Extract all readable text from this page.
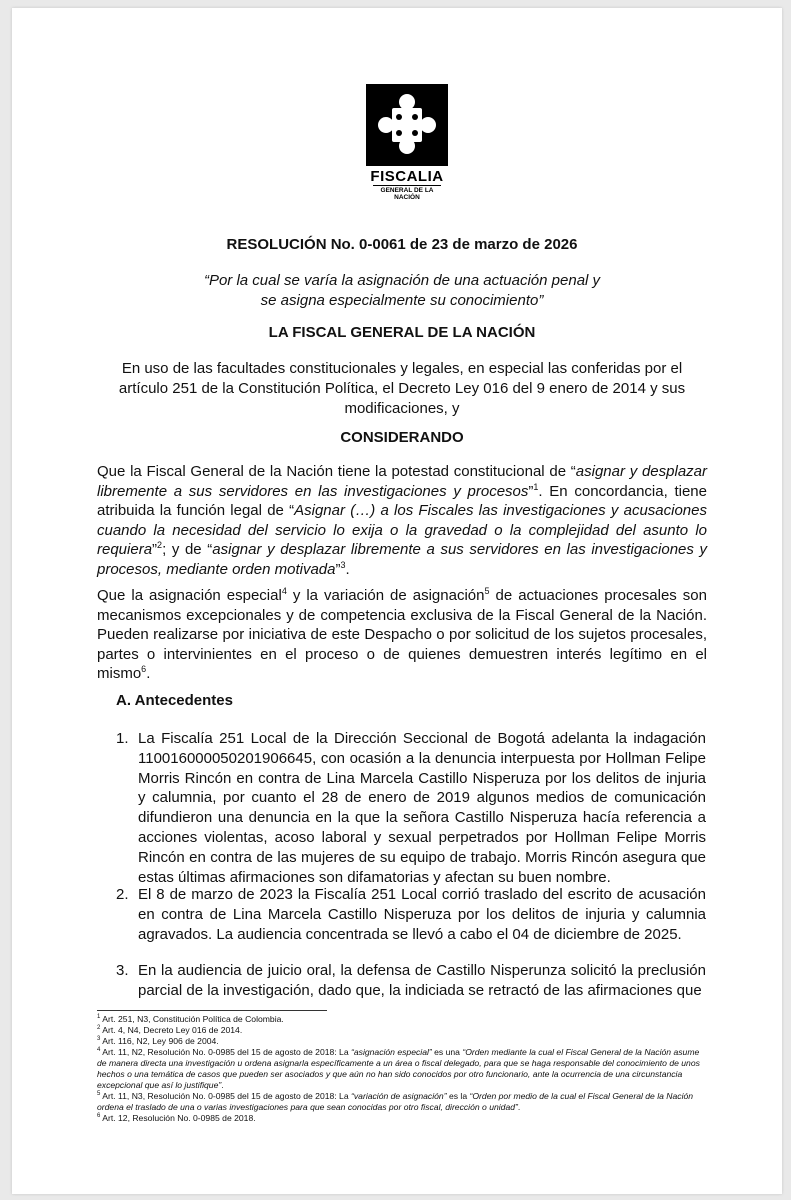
FISCALIA
GENERAL DE LA NACIÓN
RESOLUCIÓN No. 0-0061 de 23 de marzo de 2026
“Por la cual se varía la asignación de una actuación penal y
se asigna especialmente su conocimiento”
LA FISCAL GENERAL DE LA NACIÓN
En uso de las facultades constitucionales y legales, en especial las conferidas por el artículo 251 de la Constitución Política, el Decreto Ley 016 del 9 enero de 2014 y sus modificaciones, y
CONSIDERANDO
Que la Fiscal General de la Nación tiene la potestad constitucional de “asignar y desplazar libremente a sus servidores en las investigaciones y procesos”$^1$. En concordancia, tiene atribuida la función legal de “Asignar (…) a los Fiscales las investigaciones y acusaciones cuando la necesidad del servicio lo exija o la gravedad o la complejidad del asunto lo requiera”$^2$; y de “asignar y desplazar libremente a sus servidores en las investigaciones y procesos, mediante orden motivada”$^3$.
Que la asignación especial$^4$ y la variación de asignación$^5$ de actuaciones procesales son mecanismos excepcionales y de competencia exclusiva de la Fiscal General de la Nación. Pueden realizarse por iniciativa de este Despacho o por solicitud de los sujetos procesales, partes o intervinientes en el proceso o de quienes demuestren interés legítimo en el mismo$^6$.
A. Antecedentes
1. La Fiscalía 251 Local de la Dirección Seccional de Bogotá adelanta la indagación 110016000050201906645, con ocasión a la denuncia interpuesta por Hollman Felipe Morris Rincón en contra de Lina Marcela Castillo Nisperuza por los delitos de injuria y calumnia, por cuanto el 28 de enero de 2019 algunos medios de comunicación difundieron una denuncia en la que la señora Castillo Nisperuza hacía referencia a acciones violentas, acoso laboral y sexual perpetrados por Hollman Felipe Morris Rincón en contra de las mujeres de su equipo de trabajo. Morris Rincón asegura que estas últimas afirmaciones son difamatorias y afectan su buen nombre.
2. El 8 de marzo de 2023 la Fiscalía 251 Local corrió traslado del escrito de acusación en contra de Lina Marcela Castillo Nisperuza por los delitos de injuria y calumnia agravados. La audiencia concentrada se llevó a cabo el 04 de diciembre de 2025.
3. En la audiencia de juicio oral, la defensa de Castillo Nisperunza solicitó la preclusión parcial de la investigación, dado que, la indiciada se retractó de las afirmaciones que

$^1$ Art. 251, N3, Constitución Política de Colombia.

$^2$ Art. 4, N4, Decreto Ley 016 de 2014.

$^3$ Art. 116, N2, Ley 906 de 2004.

$^4$ Art. 11, N2, Resolución No. 0-0985 del 15 de agosto de 2018: La “asignación especial” es una “Orden mediante la cual el Fiscal General de la Nación asume de manera directa una investigación u ordena asignarla específicamente a un área o fiscal delegado, para que se haga responsable del conocimiento de unos hechos o una temática de casos que pueden ser asociados y que aún no han sido conocidos por otro funcionario, ante la ocurrencia de una circunstancia excepcional que así lo justifique”.

$^5$ Art. 11, N3, Resolución No. 0-0985 del 15 de agosto de 2018: La “variación de asignación” es la “Orden por medio de la cual el Fiscal General de la Nación ordena el traslado de una o varias investigaciones para que sean conocidas por otro fiscal, dirección o unidad”.

$^6$ Art. 12, Resolución No. 0-0985 de 2018.
